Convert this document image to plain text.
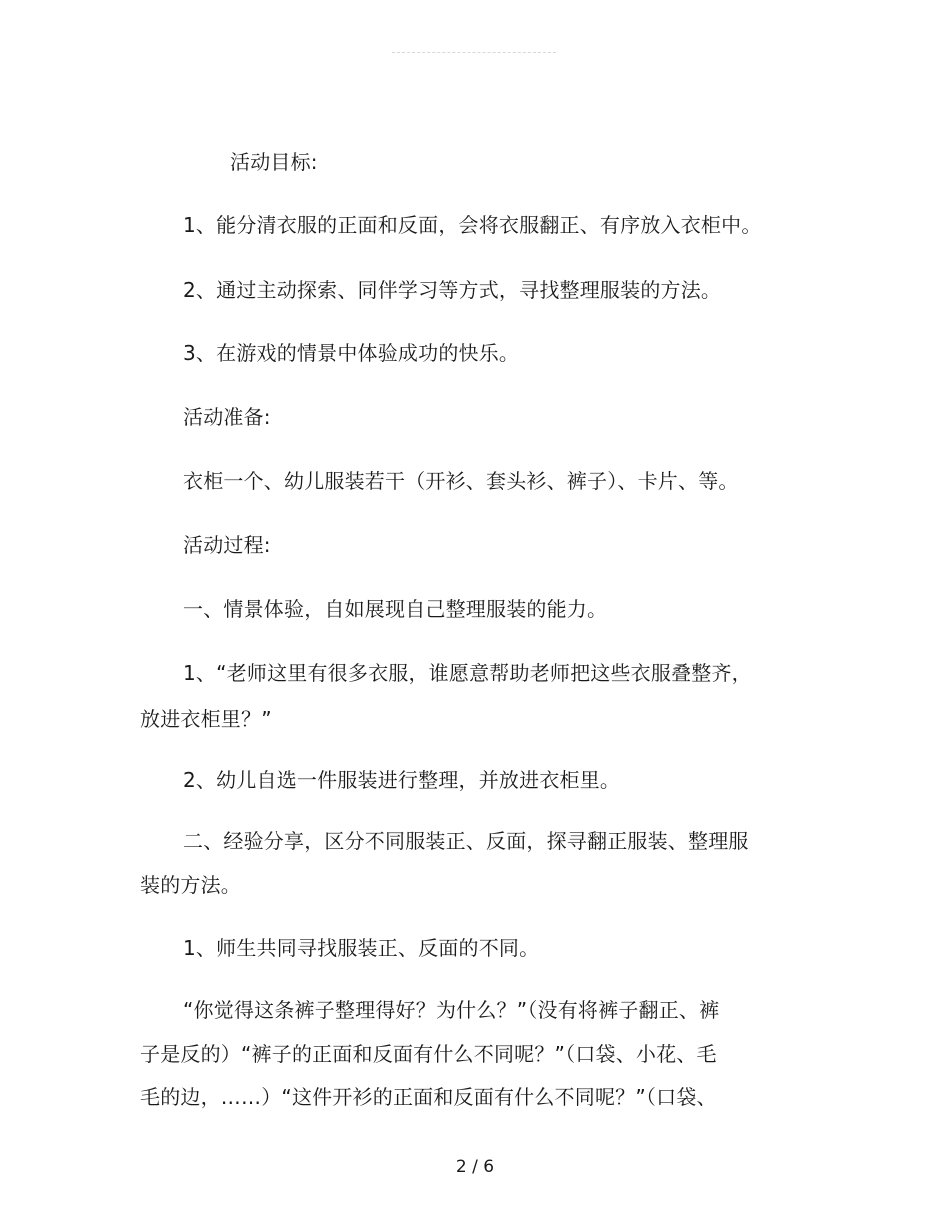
活动目标:
1、能分清衣服的正面和反面，会将衣服翻正、有序放入衣柜中。
2、通过主动探索、同伴学习等方式，寻找整理服装的方法。
3、在游戏的情景中体验成功的快乐。
活动准备:
衣柜一个、幼儿服装若干（开衫、套头衫、裤子）、卡片、等。
活动过程:
一、情景体验，自如展现自己整理服装的能力。
1、“老师这里有很多衣服，谁愿意帮助老师把这些衣服叠整齐，
放进衣柜里？”
2、幼儿自选一件服装进行整理，并放进衣柜里。
二、经验分享，区分不同服装正、反面，探寻翻正服装、整理服
装的方法。
1、师生共同寻找服装正、反面的不同。
“你觉得这条裤子整理得好？为什么？”（没有将裤子翻正、裤
子是反的）“裤子的正面和反面有什么不同呢？”（口袋、小花、毛
毛的边，……）“这件开衫的正面和反面有什么不同呢？”（口袋、
2 / 6
